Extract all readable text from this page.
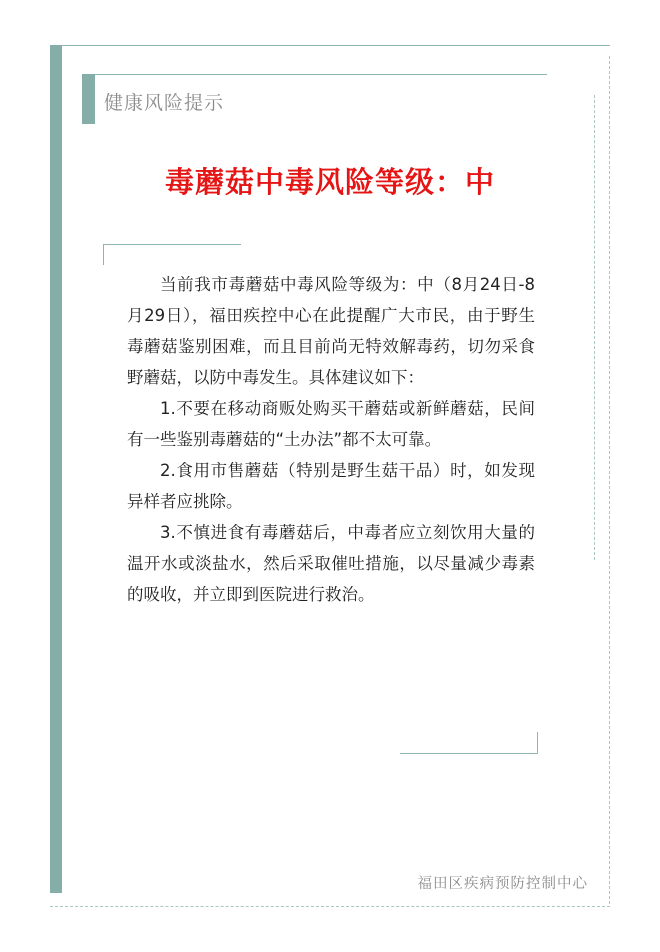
健康风险提示
毒蘑菇中毒风险等级：中

当前我市毒蘑菇中毒风险等级为：中（8月24日-8月29日），福田疾控中心在此提醒广大市民，由于野生毒蘑菇鉴别困难，而且目前尚无特效解毒药，切勿采食野蘑菇，以防中毒发生。具体建议如下：

1.不要在移动商贩处购买干蘑菇或新鲜蘑菇，民间有一些鉴别毒蘑菇的“土办法”都不太可靠。

2.食用市售蘑菇（特别是野生菇干品）时，如发现异样者应挑除。

3.不慎进食有毒蘑菇后，中毒者应立刻饮用大量的温开水或淡盐水，然后采取催吐措施，以尽量减少毒素的吸收，并立即到医院进行救治。

福田区疾病预防控制中心
